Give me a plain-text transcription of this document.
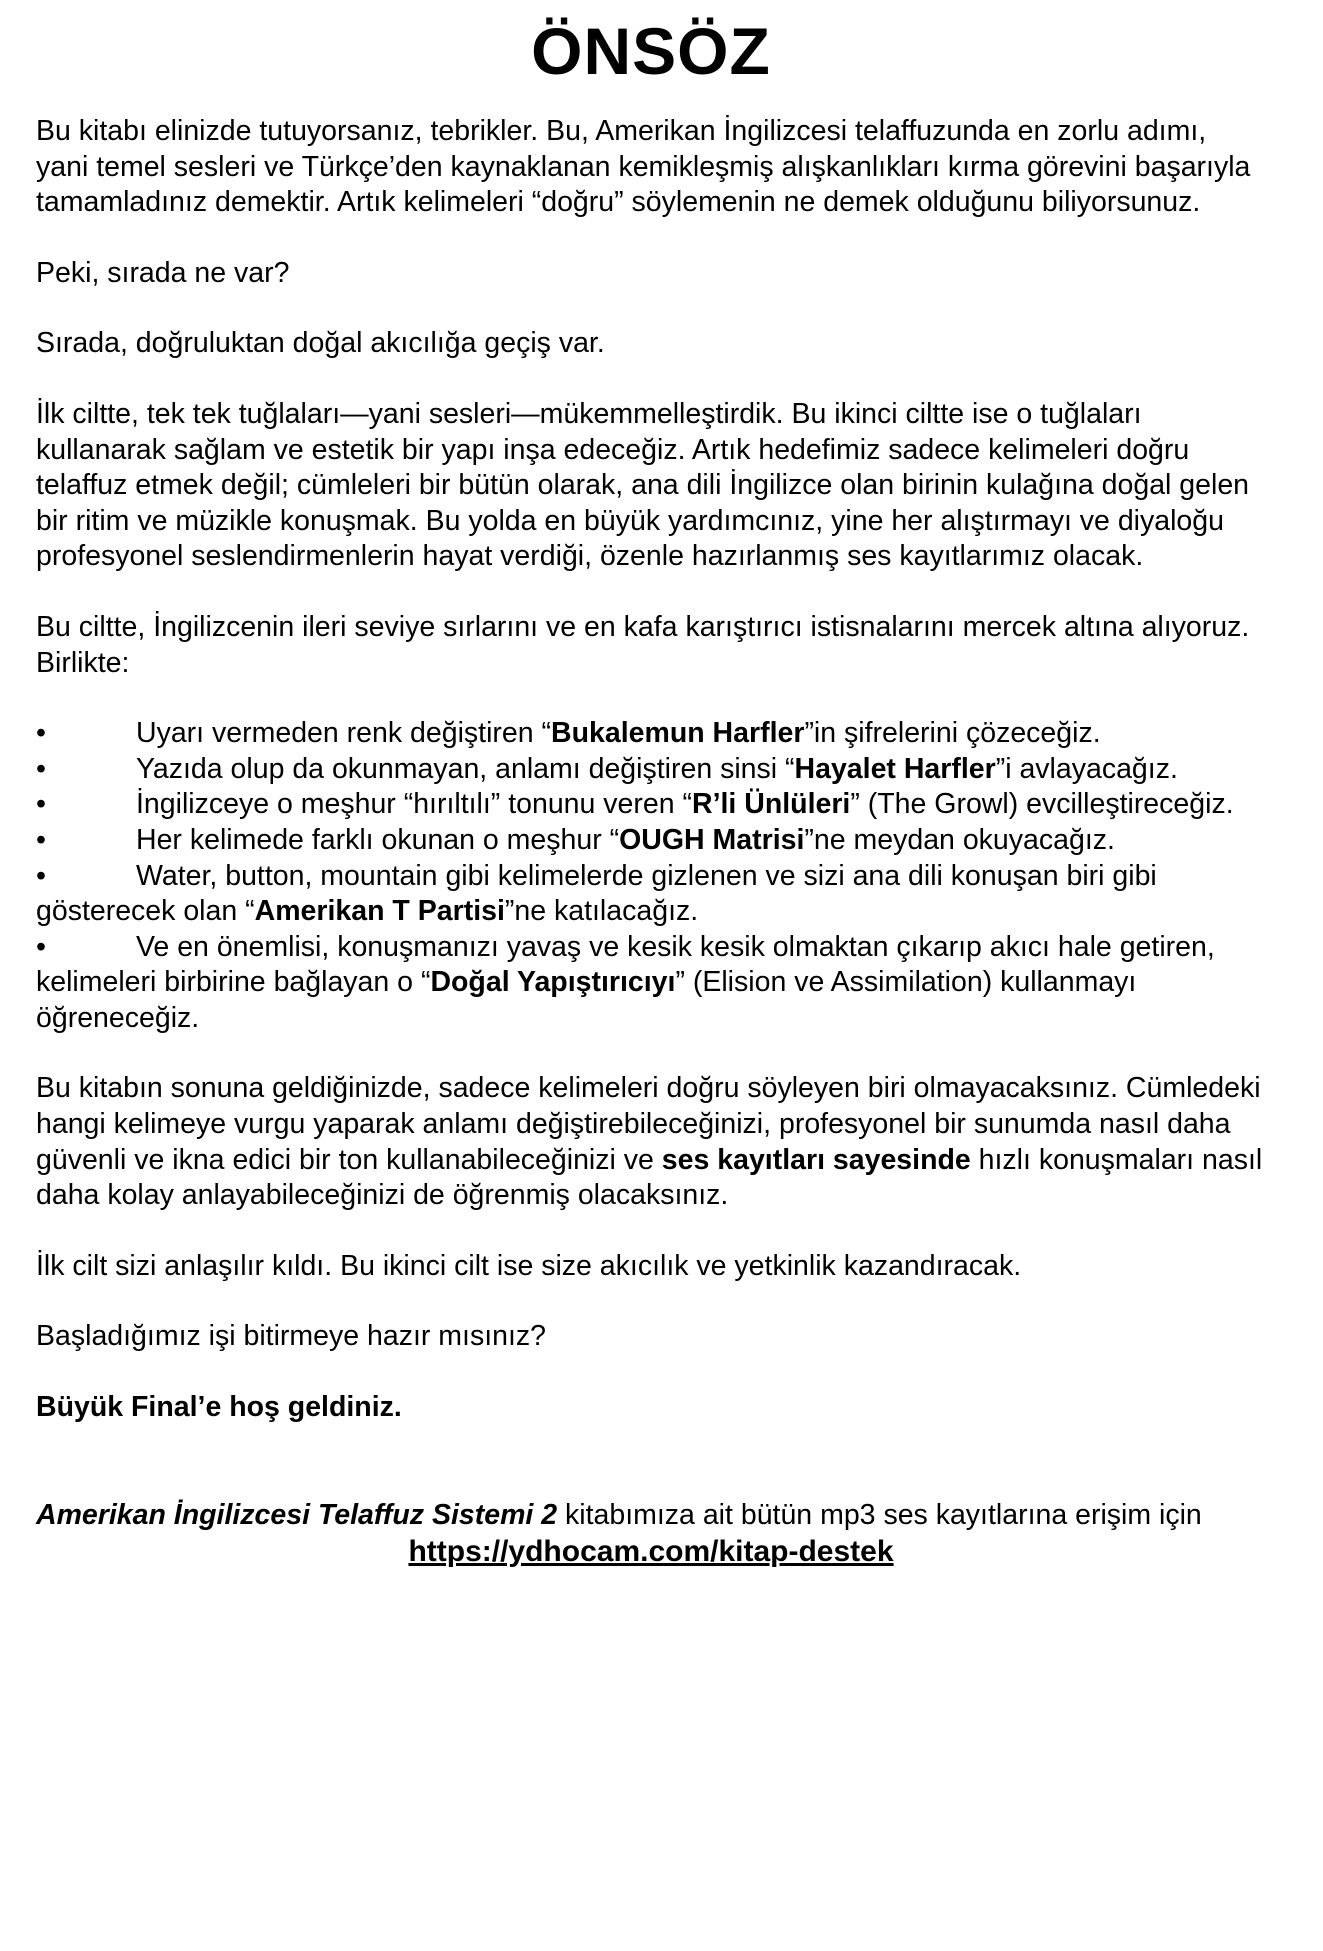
ÖNSÖZ

Bu kitabı elinizde tutuyorsanız, tebrikler. Bu, Amerikan İngilizcesi telaffuzunda en zorlu adımı, yani temel sesleri ve Türkçe’den kaynaklanan kemikleşmiş alışkanlıkları kırma görevini başarıyla tamamladınız demektir. Artık kelimeleri “doğru” söylemenin ne demek olduğunu biliyorsunuz.

Peki, sırada ne var?

Sırada, doğruluktan doğal akıcılığa geçiş var.

İlk ciltte, tek tek tuğlaları—yani sesleri—mükemmelleştirdik. Bu ikinci ciltte ise o tuğlaları kullanarak sağlam ve estetik bir yapı inşa edeceğiz. Artık hedefimiz sadece kelimeleri doğru telaffuz etmek değil; cümleleri bir bütün olarak, ana dili İngilizce olan birinin kulağına doğal gelen bir ritim ve müzikle konuşmak. Bu yolda en büyük yardımcınız, yine her alıştırmayı ve diyaloğu profesyonel seslendirmenlerin hayat verdiği, özenle hazırlanmış ses kayıtlarımız olacak.

Bu ciltte, İngilizcenin ileri seviye sırlarını ve en kafa karıştırıcı istisnalarını mercek altına alıyoruz. Birlikte:

•	Uyarı vermeden renk değiştiren “Bukalemun Harfler”in şifrelerini çözeceğiz.

•	Yazıda olup da okunmayan, anlamı değiştiren sinsi “Hayalet Harfler”i avlayacağız.

•	İngilizceye o meşhur “hırıltılı” tonunu veren “R’li Ünlüleri” (The Growl) evcilleştireceğiz.

•	Her kelimede farklı okunan o meşhur “OUGH Matrisi”ne meydan okuyacağız.

•	Water, button, mountain gibi kelimelerde gizlenen ve sizi ana dili konuşan biri gibi gösterecek olan “Amerikan T Partisi”ne katılacağız.

•	Ve en önemlisi, konuşmanızı yavaş ve kesik kesik olmaktan çıkarıp akıcı hale getiren, kelimeleri birbirine bağlayan o “Doğal Yapıştırıcıyı” (Elision ve Assimilation) kullanmayı öğreneceğiz.

Bu kitabın sonuna geldiğinizde, sadece kelimeleri doğru söyleyen biri olmayacaksınız. Cümledeki hangi kelimeye vurgu yaparak anlamı değiştirebileceğinizi, profesyonel bir sunumda nasıl daha güvenli ve ikna edici bir ton kullanabileceğinizi ve ses kayıtları sayesinde hızlı konuşmaları nasıl daha kolay anlayabileceğinizi de öğrenmiş olacaksınız.

İlk cilt sizi anlaşılır kıldı. Bu ikinci cilt ise size akıcılık ve yetkinlik kazandıracak.

Başladığımız işi bitirmeye hazır mısınız?

Büyük Final’e hoş geldiniz.

Amerikan İngilizcesi Telaffuz Sistemi 2 kitabımıza ait bütün mp3 ses kayıtlarına erişim için

https://ydhocam.com/kitap-destek
